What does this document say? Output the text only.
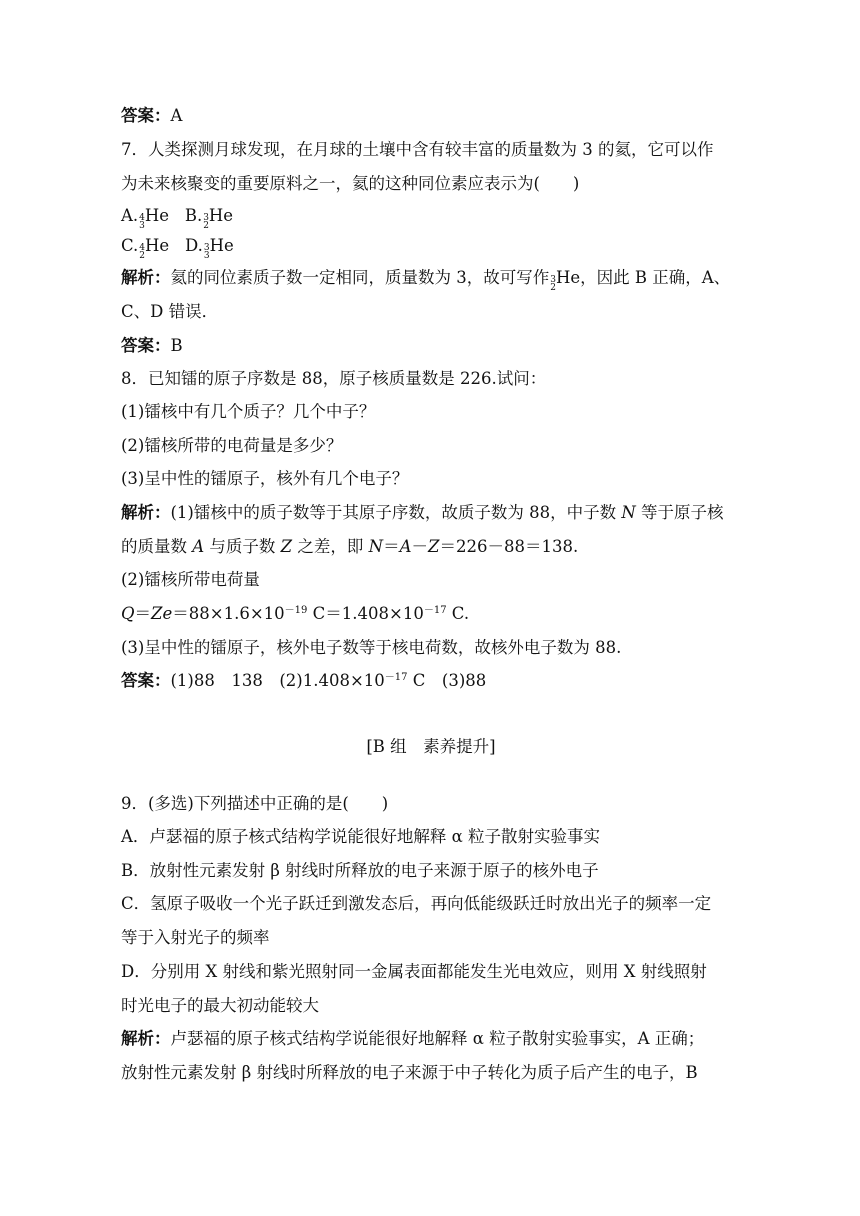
答案：A
7．人类探测月球发现，在月球的土壤中含有较丰富的质量数为 3 的氦，它可以作
为未来核聚变的重要原料之一，氦的这种同位素应表示为(　　)
A. 4
3
He B. 3
2
He
C. 4
2
He D. 3
3
He
解析：氦的同位素质子数一定相同，质量数为 3，故可写作 3
2
He，因此 B 正确，A、
C、D 错误．
答案：B
8．已知镭的原子序数是 88，原子核质量数是 226.试问：
(1)镭核中有几个质子？几个中子？
(2)镭核所带的电荷量是多少？
(3)呈中性的镭原子，核外有几个电子？
解析：(1)镭核中的质子数等于其原子序数，故质子数为 88，中子数 N 等于原子核
的质量数 A 与质子数 Z 之差，即 N＝A－Z＝226－88＝138.
(2)镭核所带电荷量
$Q=Ze=88\times 1.6\times 10^{-19}$ $C=1.408\times 10^{-17}$ C.
(3)呈中性的镭原子，核外电子数等于核电荷数，故核外电子数为 88.
答案：(1)88　138　$(2)1.408\times 10^{-17}$ C　(3)88
[B 组　素养提升]
9．(多选)下列描述中正确的是(　　)
A．卢瑟福的原子核式结构学说能很好地解释 α 粒子散射实验事实
B．放射性元素发射 β 射线时所释放的电子来源于原子的核外电子
C．氢原子吸收一个光子跃迁到激发态后，再向低能级跃迁时放出光子的频率一定
等于入射光子的频率
D．分别用 X 射线和紫光照射同一金属表面都能发生光电效应，则用 X 射线照射
时光电子的最大初动能较大
解析：卢瑟福的原子核式结构学说能很好地解释 α 粒子散射实验事实，A 正确；
放射性元素发射 β 射线时所释放的电子来源于中子转化为质子后产生的电子，B
